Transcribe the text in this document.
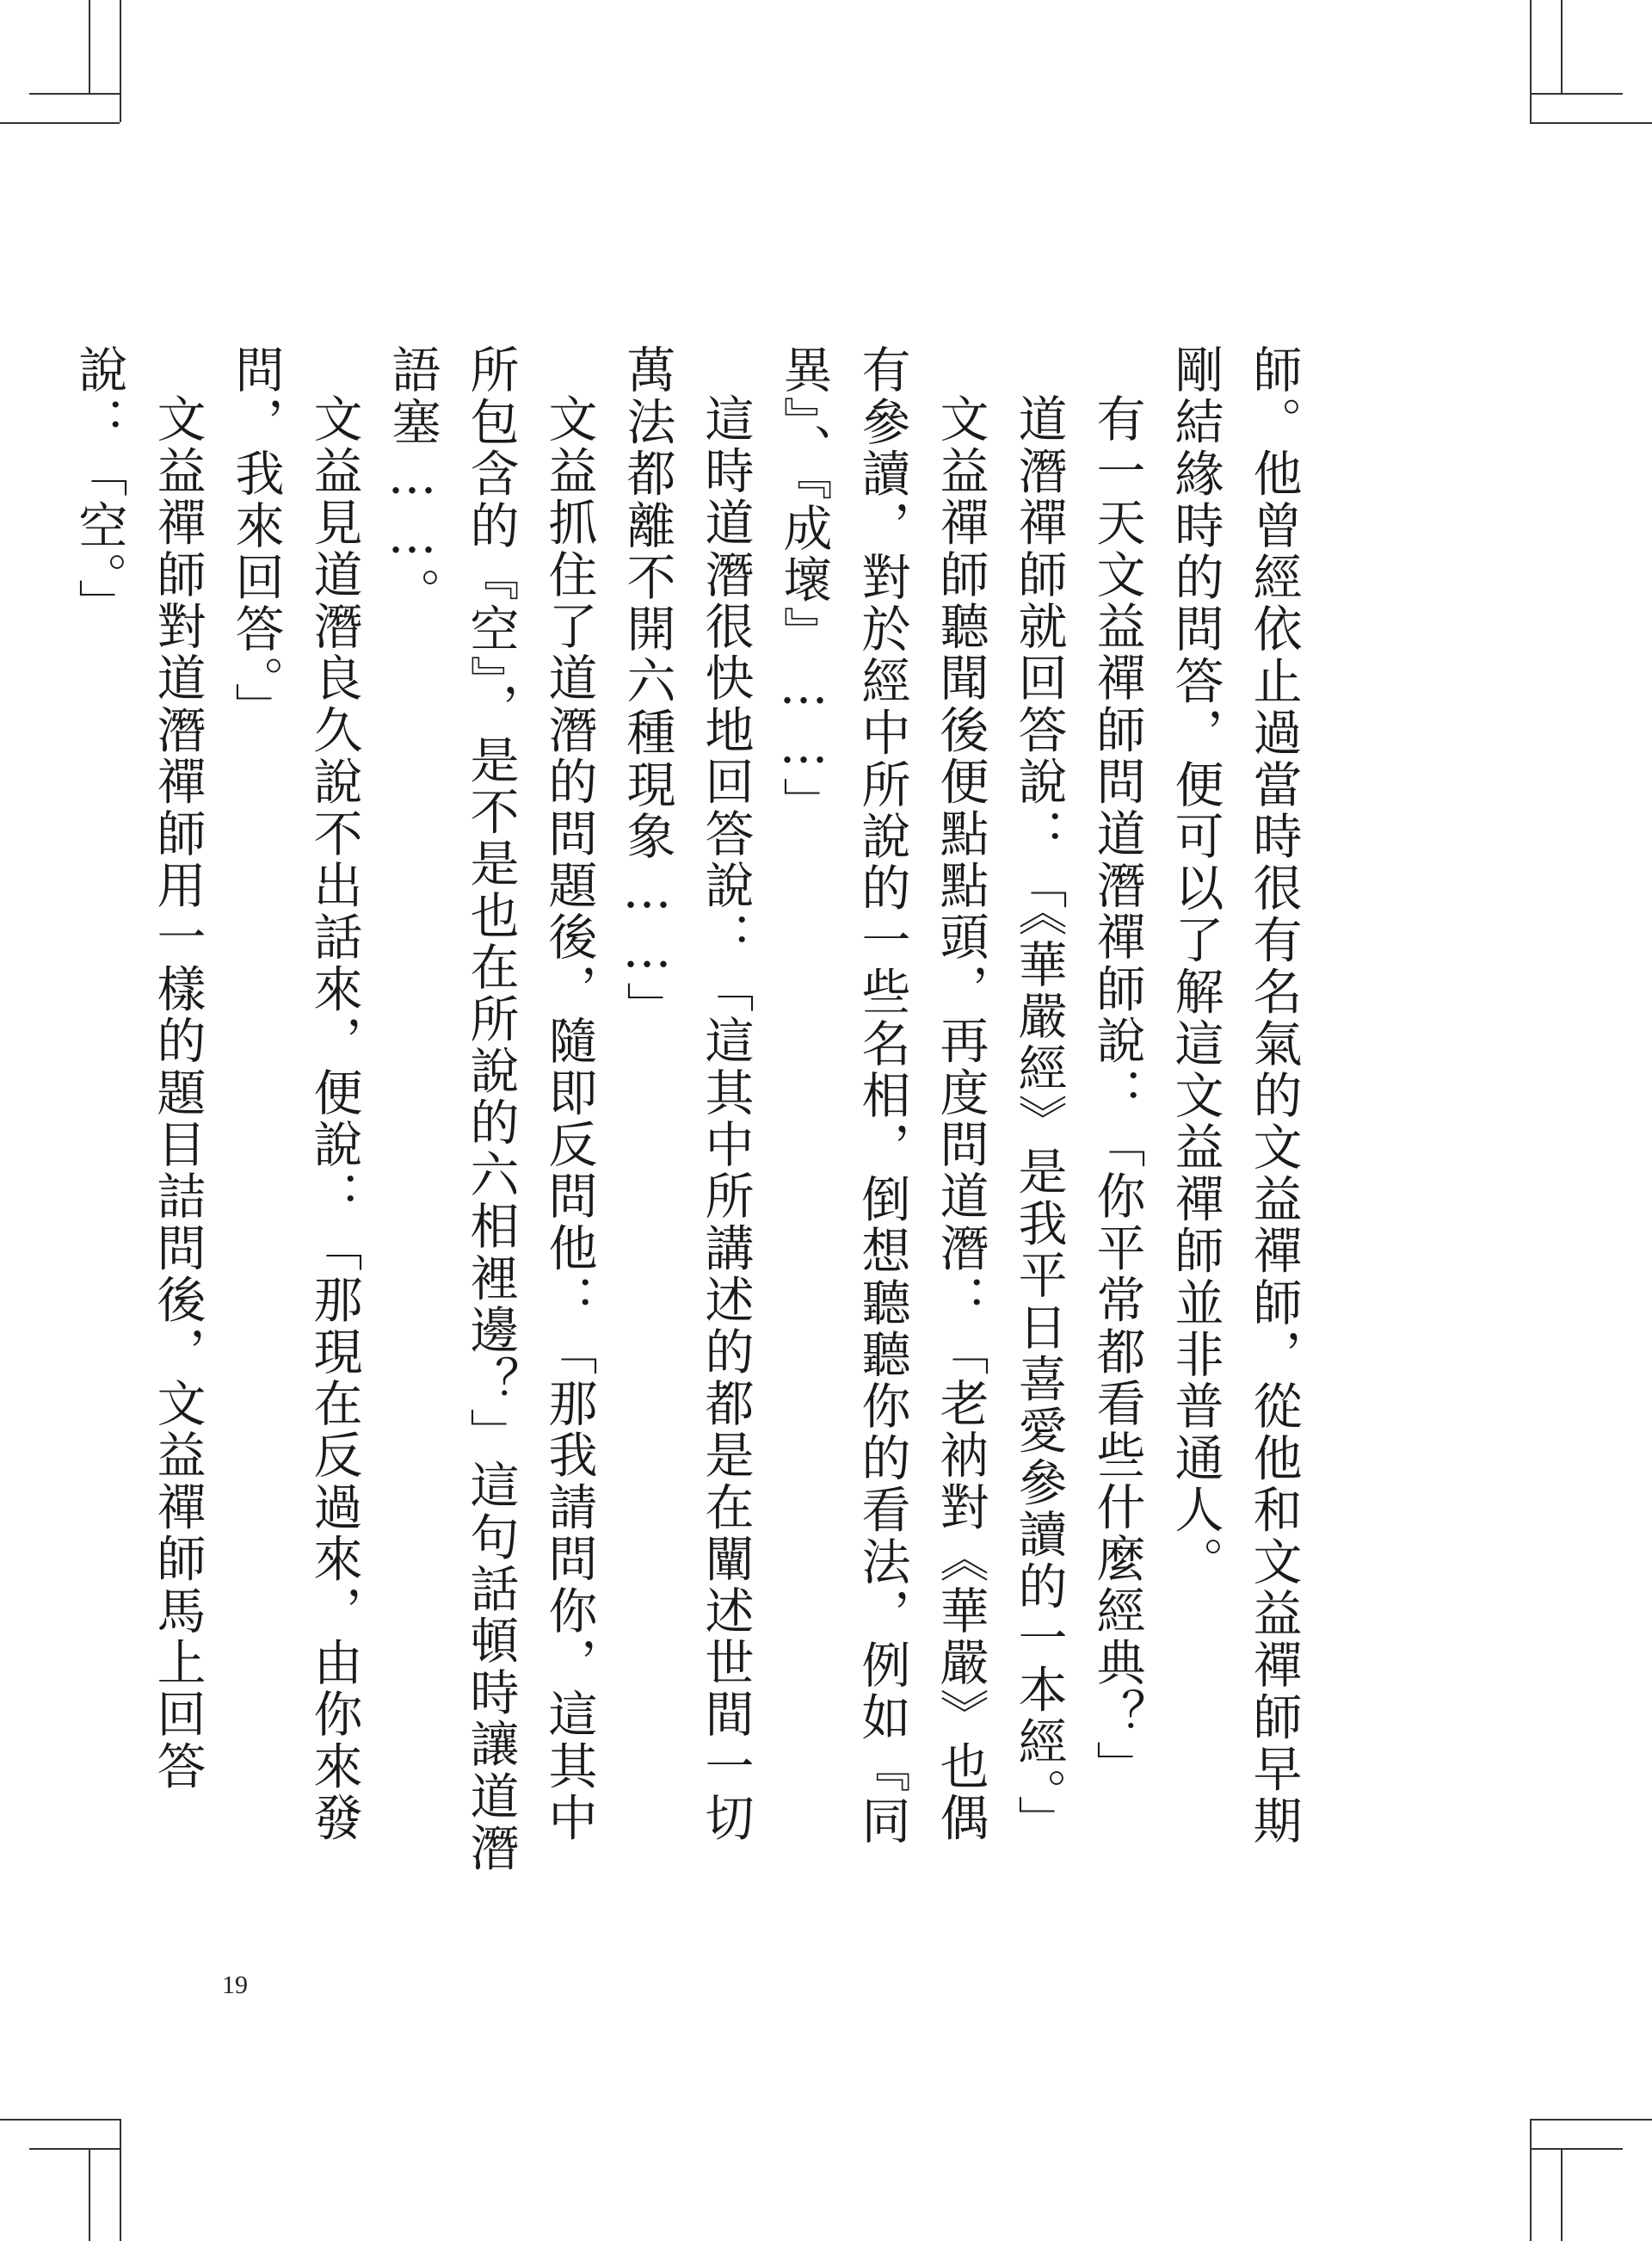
師。他曾經依止過當時很有名氣的文益禪師，從他和文益禪師早期剛結緣時的問答，便可以了解這文益禪師並非普通人。

有一天文益禪師問道潛禪師說：「你平常都看些什麼經典？」

道潛禪師就回答說：「《華嚴經》是我平日喜愛參讀的一本經。」

文益禪師聽聞後便點點頭，再度問道潛：「老衲對《華嚴》也偶有參讀，對於經中所說的一些名相，倒想聽聽你的看法，例如『同異』、『成壞』……」

這時道潛很快地回答說：「這其中所講述的都是在闡述世間一切萬法都離不開六種現象……」

文益抓住了道潛的問題後，隨即反問他：「那我請問你，這其中所包含的『空』，是不是也在所說的六相裡邊？」這句話頓時讓道潛語塞……。

文益見道潛良久說不出話來，便說：「那現在反過來，由你來發問，我來回答。」

文益禪師對道潛禪師用一樣的題目詰問後，文益禪師馬上回答說：「空。」

19
